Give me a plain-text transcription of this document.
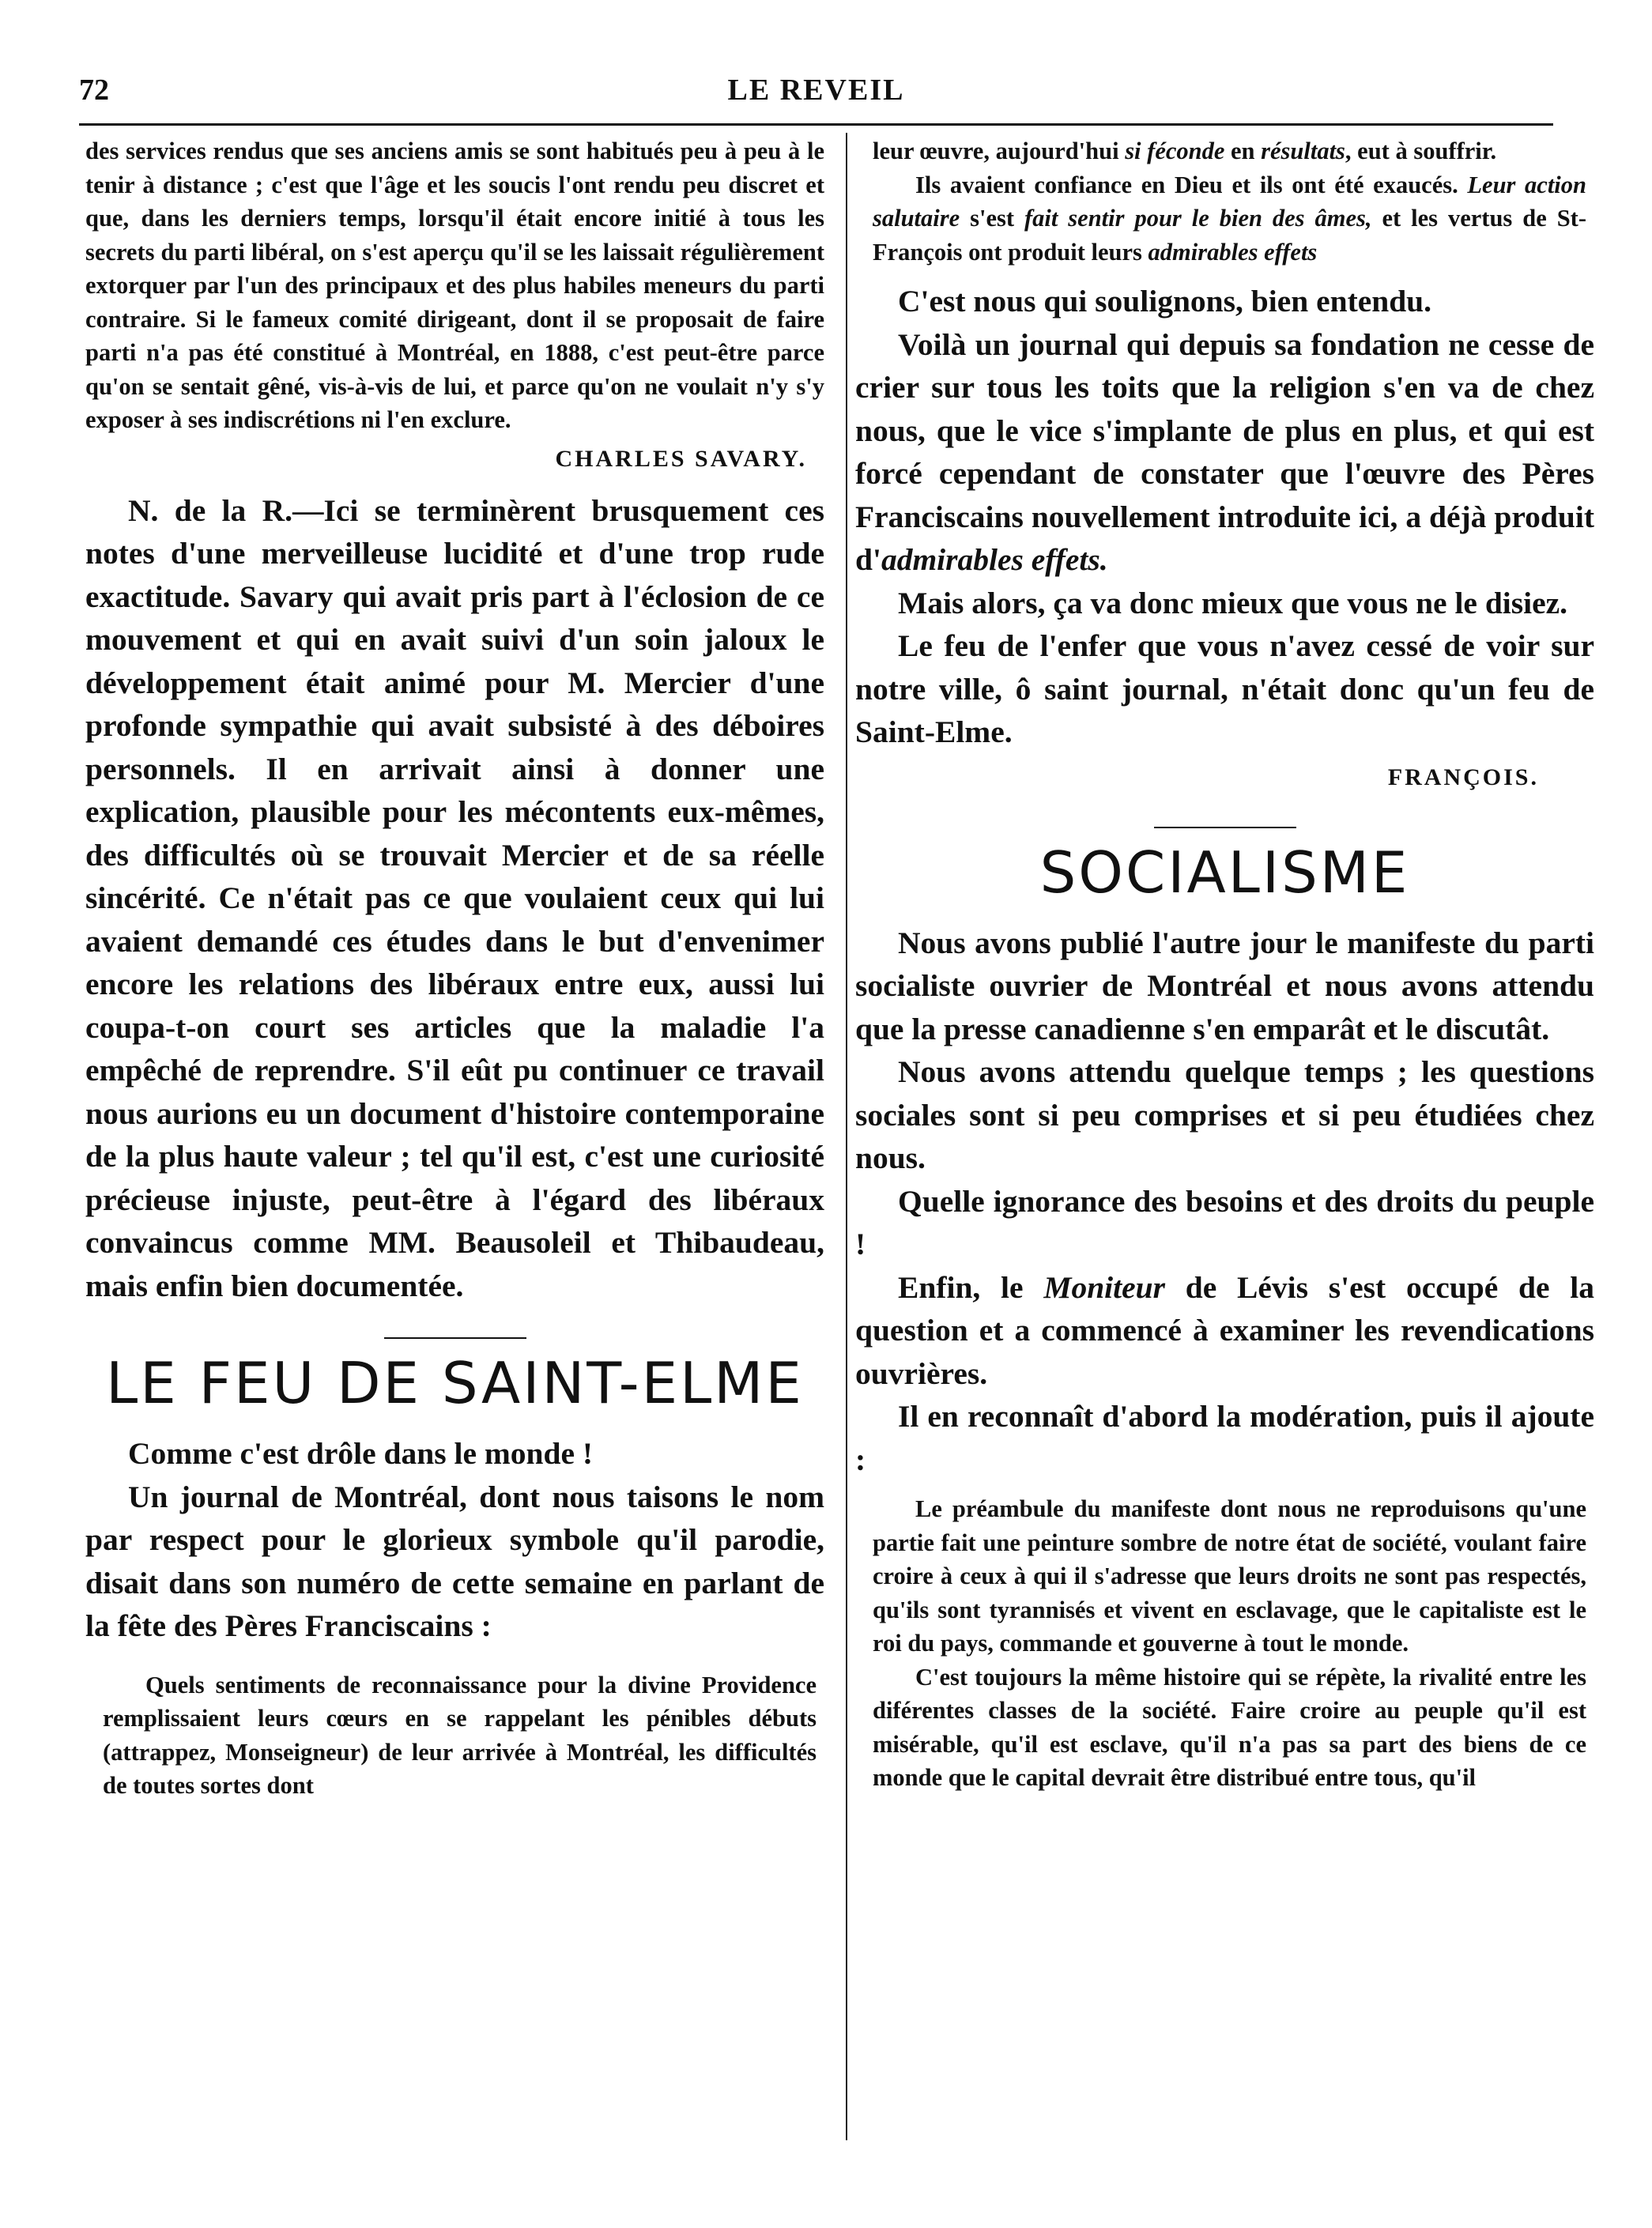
72	LE REVEIL

des services rendus que ses anciens amis se sont habitués peu à peu à le tenir à distance ; c'est que l'âge et les soucis l'ont rendu peu discret et que, dans les derniers temps, lorsqu'il était encore initié à tous les secrets du parti libéral, on s'est aperçu qu'il se les laissait régulièrement extorquer par l'un des principaux et des plus habiles meneurs du parti contraire. Si le fameux comité dirigeant, dont il se proposait de faire parti n'a pas été constitué à Montréal, en 1888, c'est peut-être parce qu'on se sentait gêné, vis-à-vis de lui, et parce qu'on ne voulait n'y s'y exposer à ses indiscrétions ni l'en exclure.

CHARLES SAVARY.

N. de la R.—Ici se terminèrent brusquement ces notes d'une merveilleuse lucidité et d'une trop rude exactitude. Savary qui avait pris part à l'éclosion de ce mouvement et qui en avait suivi d'un soin jaloux le développement était animé pour M. Mercier d'une profonde sympathie qui avait subsisté à des déboires personnels. Il en arrivait ainsi à donner une explication, plausible pour les mécontents eux-mêmes, des difficultés où se trouvait Mercier et de sa réelle sincérité. Ce n'était pas ce que voulaient ceux qui lui avaient demandé ces études dans le but d'envenimer encore les relations des libéraux entre eux, aussi lui coupa-t-on court ses articles que la maladie l'a empêché de reprendre. S'il eût pu continuer ce travail nous aurions eu un document d'histoire contemporaine de la plus haute valeur ; tel qu'il est, c'est une curiosité précieuse injuste, peut-être à l'égard des libéraux convaincus comme MM. Beausoleil et Thibaudeau, mais enfin bien documentée.

LE FEU DE SAINT-ELME

Comme c'est drôle dans le monde !

Un journal de Montréal, dont nous taisons le nom par respect pour le glorieux symbole qu'il parodie, disait dans son numéro de cette semaine en parlant de la fête des Pères Franciscains :

Quels sentiments de reconnaissance pour la divine Providence remplissaient leurs cœurs en se rappelant les pénibles débuts (attrappez, Monseigneur) de leur arrivée à Montréal, les difficultés de toutes sortes dont

leur œuvre, aujourd'hui si féconde en résultats, eut à souffrir.

Ils avaient confiance en Dieu et ils ont été exaucés. Leur action salutaire s'est fait sentir pour le bien des âmes, et les vertus de St-François ont produit leurs admirables effets

C'est nous qui soulignons, bien entendu.

Voilà un journal qui depuis sa fondation ne cesse de crier sur tous les toits que la religion s'en va de chez nous, que le vice s'implante de plus en plus, et qui est forcé cependant de constater que l'œuvre des Pères Franciscains nouvellement introduite ici, a déjà produit d'admirables effets.

Mais alors, ça va donc mieux que vous ne le disiez.

Le feu de l'enfer que vous n'avez cessé de voir sur notre ville, ô saint journal, n'était donc qu'un feu de Saint-Elme.

FRANÇOIS.
SOCIALISME

Nous avons publié l'autre jour le manifeste du parti socialiste ouvrier de Montréal et nous avons attendu que la presse canadienne s'en emparât et le discutât.

Nous avons attendu quelque temps ; les questions sociales sont si peu comprises et si peu étudiées chez nous.

Quelle ignorance des besoins et des droits du peuple !

Enfin, le Moniteur de Lévis s'est occupé de la question et a commencé à examiner les revendications ouvrières.

Il en reconnaît d'abord la modération, puis il ajoute :

Le préambule du manifeste dont nous ne reproduisons qu'une partie fait une peinture sombre de notre état de société, voulant faire croire à ceux à qui il s'adresse que leurs droits ne sont pas respectés, qu'ils sont tyrannisés et vivent en esclavage, que le capitaliste est le roi du pays, commande et gouverne à tout le monde.

C'est toujours la même histoire qui se répète, la rivalité entre les diférentes classes de la société. Faire croire au peuple qu'il est misérable, qu'il est esclave, qu'il n'a pas sa part des biens de ce monde que le capital devrait être distribué entre tous, qu'il
